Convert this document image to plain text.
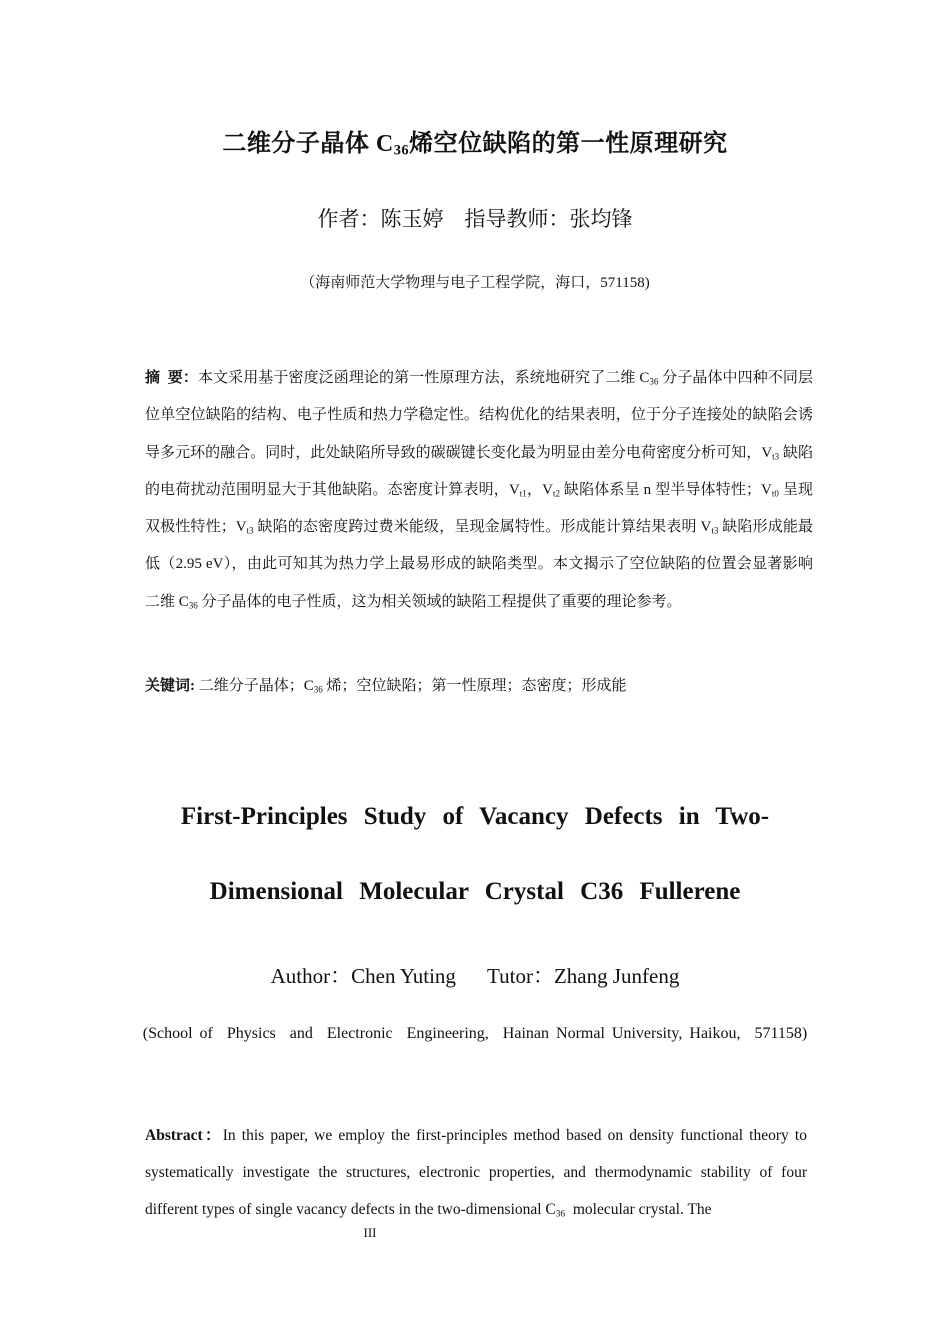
二维分子晶体 $C_{36}$烯空位缺陷的第一性原理研究
作者：陈玉婷    指导教师：张均锋
（海南师范大学物理与电子工程学院，海口，571158)
摘  要：本文采用基于密度泛函理论的第一性原理方法，系统地研究了二维 $C_{36}$ 分子晶体中四种不同层位单空位缺陷的结构、电子性质和热力学稳定性。结构优化的结果表明，位于分子连接处的缺陷会诱导多元环的融合。同时，此处缺陷所导致的碳碳键长变化最为明显由差分电荷密度分析可知，$V_{t3}$ 缺陷的电荷扰动范围明显大于其他缺陷。态密度计算表明，$V_{t1}$，$V_{t2}$ 缺陷体系呈 n 型半导体特性；$V_{t0}$ 呈现双极性特性；$V_{t3}$ 缺陷的态密度跨过费米能级，呈现金属特性。形成能计算结果表明 $V_{t3}$ 缺陷形成能最低（2.95 eV），由此可知其为热力学上最易形成的缺陷类型。本文揭示了空位缺陷的位置会显著影响二维 $C_{36}$ 分子晶体的电子性质，这为相关领域的缺陷工程提供了重要的理论参考。
关键词: 二维分子晶体；$C_{36}$ 烯；空位缺陷；第一性原理；态密度；形成能
First-Principles Study of Vacancy Defects in Two-
Dimensional Molecular Crystal C36 Fullerene
Author：Chen Yuting      Tutor：Zhang Junfeng
(School of  Physics  and  Electronic  Engineering,  Hainan Normal University, Haikou,  571158)
Abstract：In this paper, we employ the first-principles method based on density functional theory to systematically investigate the structures, electronic properties, and thermodynamic stability of four different types of single vacancy defects in the two-dimensional $C_{36}$  molecular crystal. The
III
